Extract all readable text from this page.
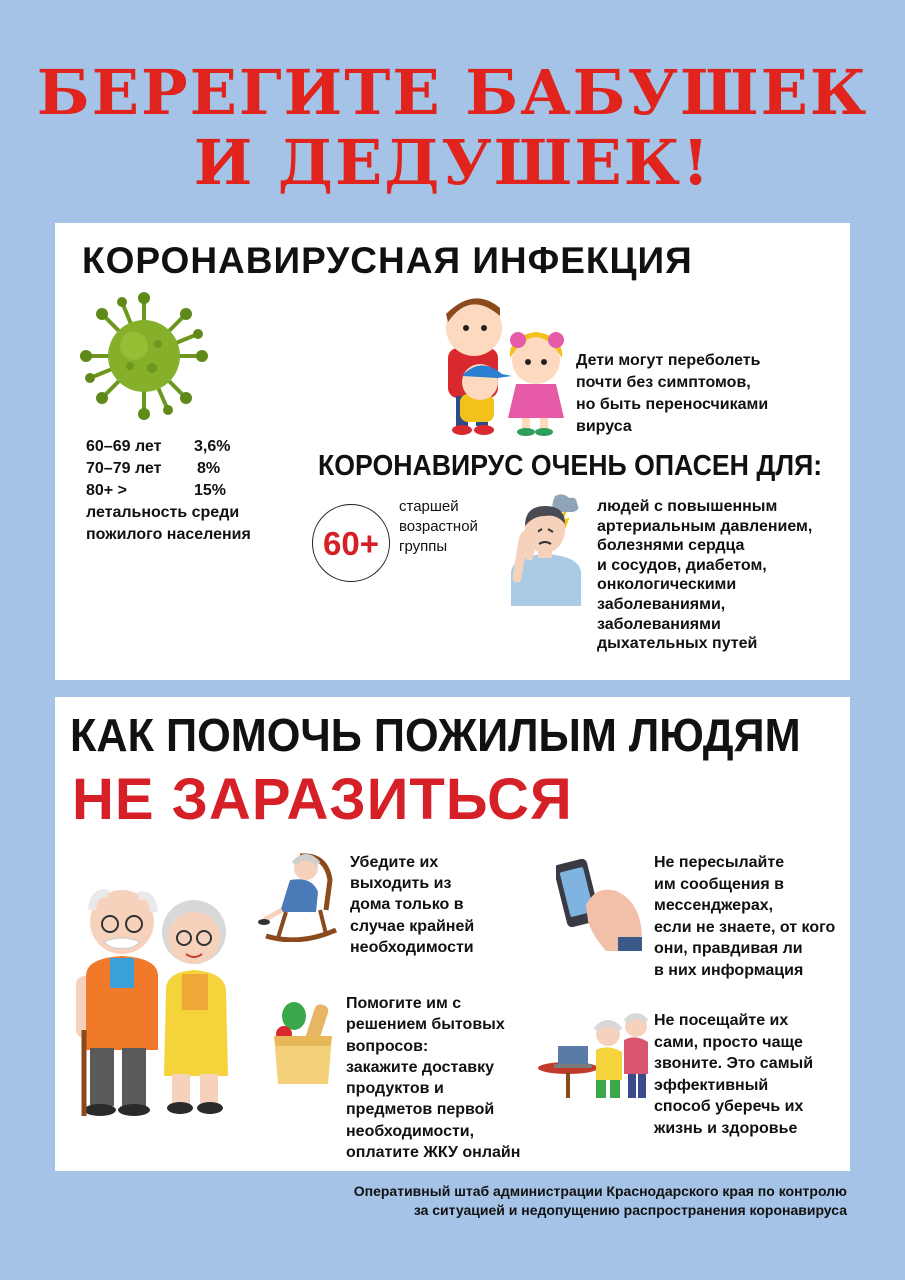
БЕРЕГИТЕ БАБУШЕК
И ДЕДУШЕК!
КОРОНАВИРУСНАЯ ИНФЕКЦИЯ
60–69 лет 3,6%
70–79 лет 8%
80+ >	15%
летальность среди
пожилого населения
Дети могут переболеть
почти без симптомов,
но быть переносчиками
вируса
КОРОНАВИРУС ОЧЕНЬ ОПАСЕН ДЛЯ:
60+
старшей
возрастной
группы
людей с повышенным
артериальным давлением,
болезнями сердца
и сосудов, диабетом,
онкологическими
заболеваниями,
заболеваниями
дыхательных путей
КАК ПОМОЧЬ ПОЖИЛЫМ ЛЮДЯМ
НЕ ЗАРАЗИТЬСЯ
Убедите их
выходить из
дома только в
случае крайней
необходимости
Не пересылайте
им сообщения в
мессенджерах,
если не знаете, от кого
они, правдивая ли
в них информация
Помогите им с
решением бытовых
вопросов:
закажите доставку
продуктов и
предметов первой
необходимости,
оплатите ЖКУ онлайн
Не посещайте их
сами, просто чаще
звоните. Это самый
эффективный
способ уберечь их
жизнь и здоровье
Оперативный штаб администрации Краснодарского края по контролю
за ситуацией и недопущению распространения коронавируса
